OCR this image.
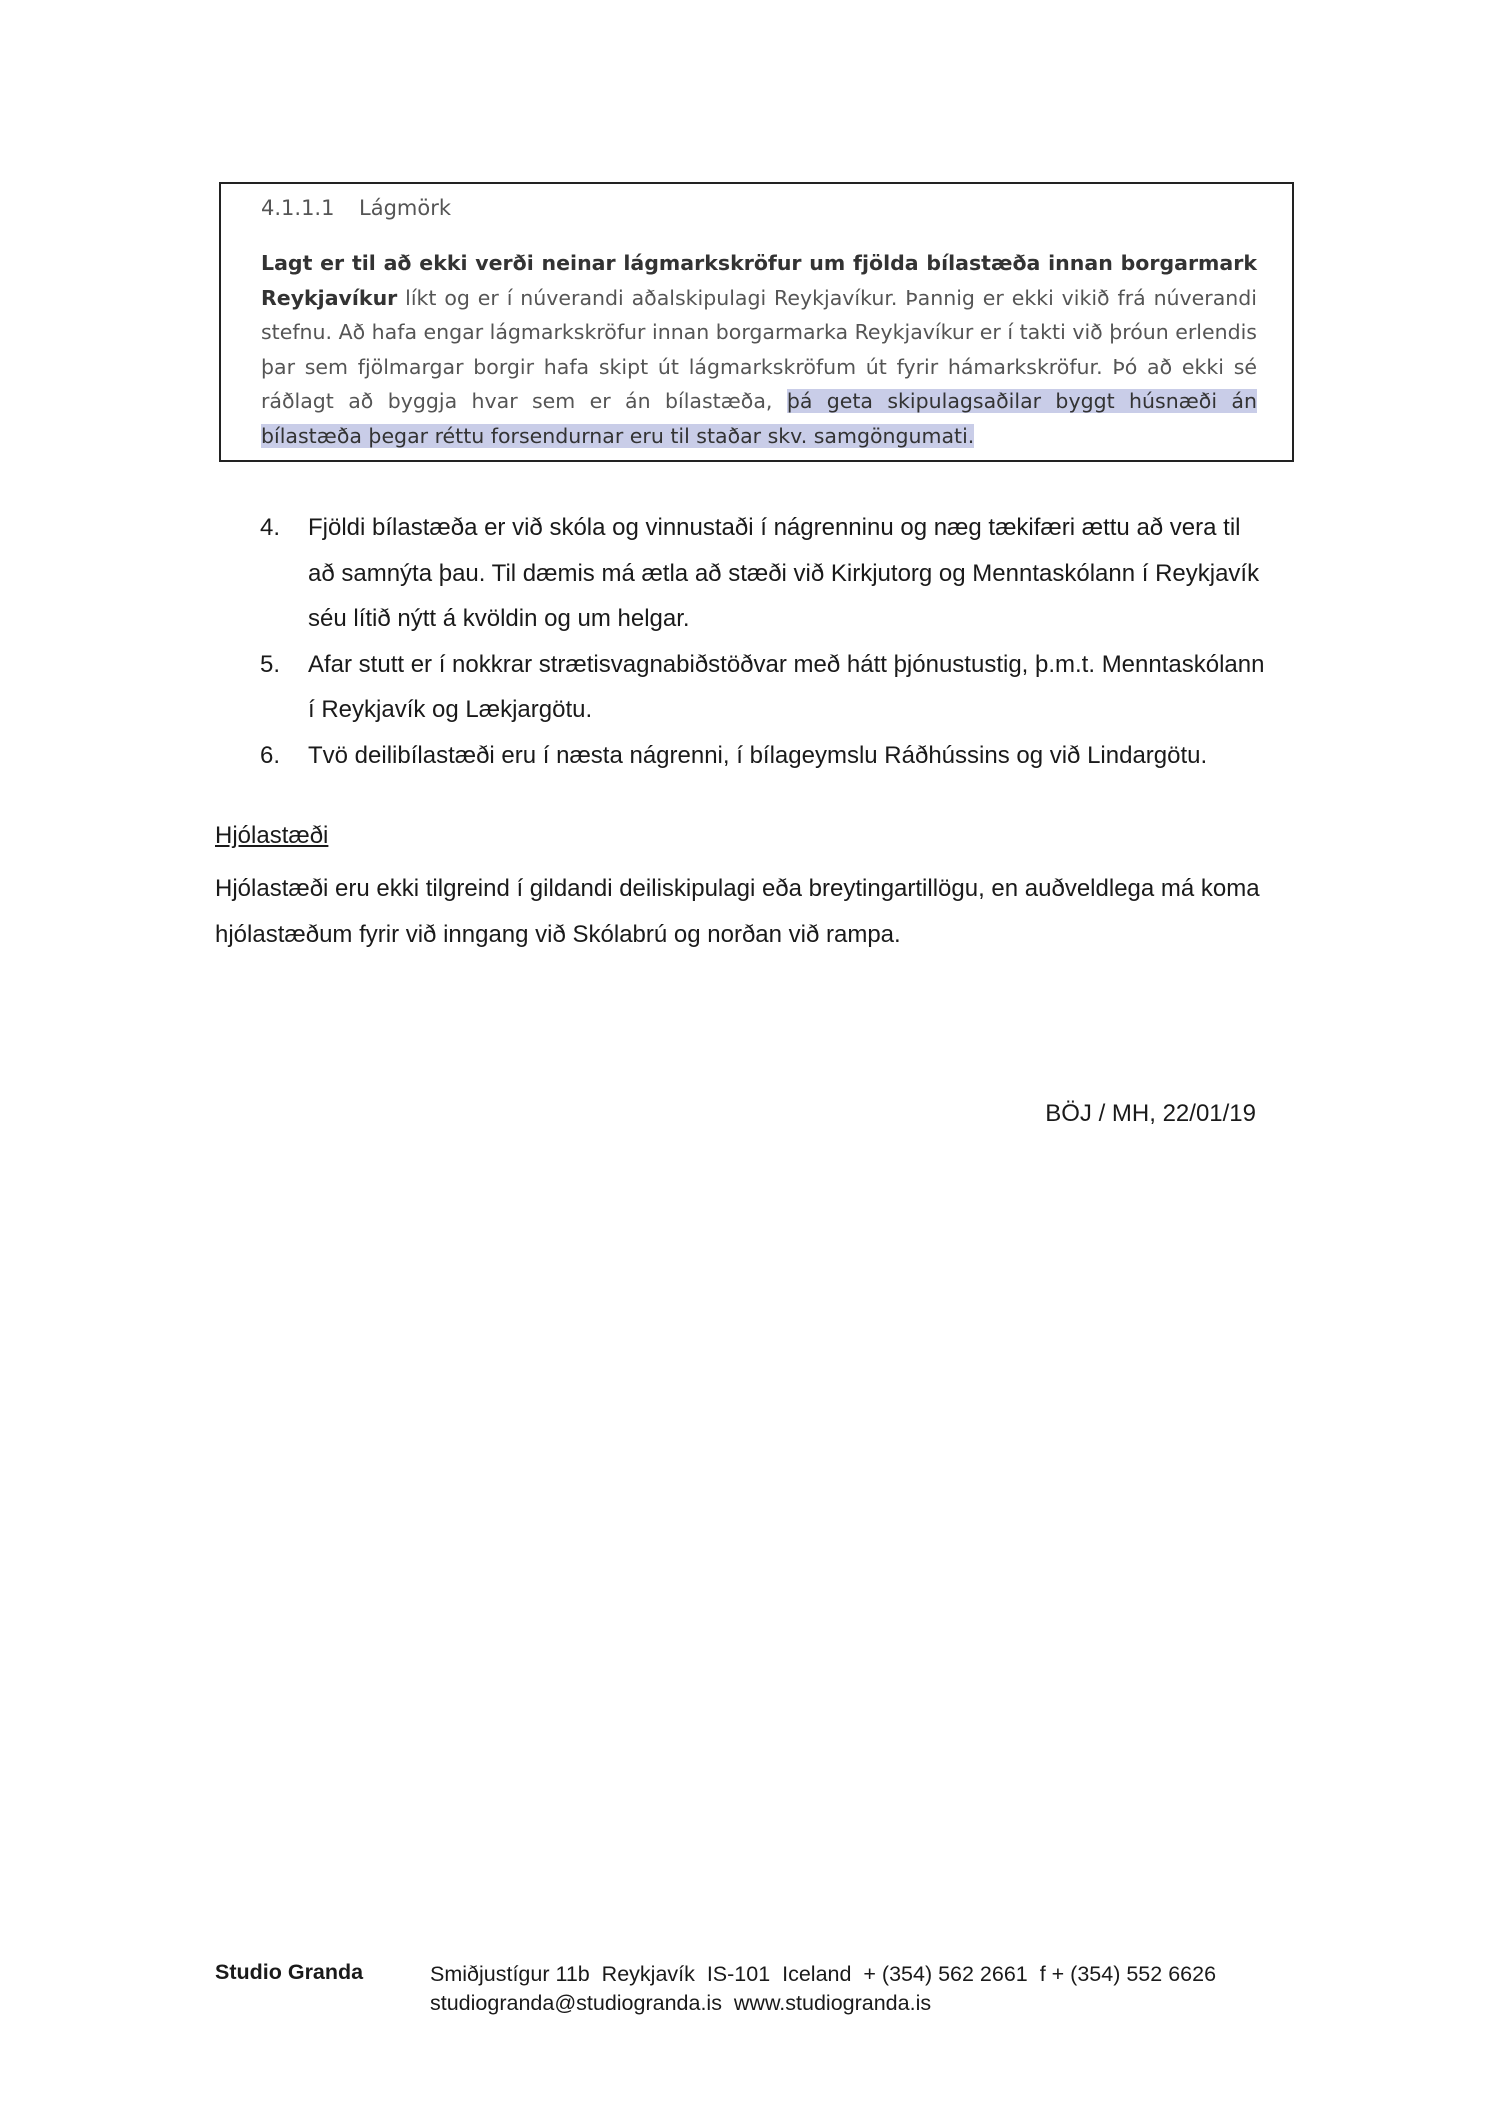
4.1.1.1 Lágmörk
Lagt er til að ekki verði neinar lágmarkskröfur um fjölda bílastæða innan borgarmark Reykjavíkur líkt og er í núverandi aðalskipulagi Reykjavíkur. Þannig er ekki vikið frá núverandi stefnu. Að hafa engar lágmarkskröfur innan borgarmarka Reykjavíkur er í takti við þróun erlendis þar sem fjölmargar borgir hafa skipt út lágmarkskröfum út fyrir hámarkskröfur. Þó að ekki sé ráðlagt að byggja hvar sem er án bílastæða, þá geta skipulagsaðilar byggt húsnæði án bílastæða þegar réttu forsendurnar eru til staðar skv. samgöngumati.
4. Fjöldi bílastæða er við skóla og vinnustaði í nágrenninu og næg tækifæri ættu að vera til að samnýta þau. Til dæmis má ætla að stæði við Kirkjutorg og Menntaskólann í Reykjavík séu lítið nýtt á kvöldin og um helgar.
5. Afar stutt er í nokkrar strætisvagnabiðstöðvar með hátt þjónustustig, þ.m.t. Menntaskólann í Reykjavík og Lækjargötu.
6. Tvö deilibílastæði eru í næsta nágrenni, í bílageymslu Ráðhússins og við Lindargötu.
Hjólastæði
Hjólastæði eru ekki tilgreind í gildandi deiliskipulagi eða breytingartillögu, en auðveldlega má koma hjólastæðum fyrir við inngang við Skólabrú og norðan við rampa.
BÖJ / MH, 22/01/19
Studio Granda	Smiðjustígur 11b  Reykjavík  IS-101  Iceland  + (354) 562 2661  f + (354) 552 6626
studiogranda@studiogranda.is  www.studiogranda.is
